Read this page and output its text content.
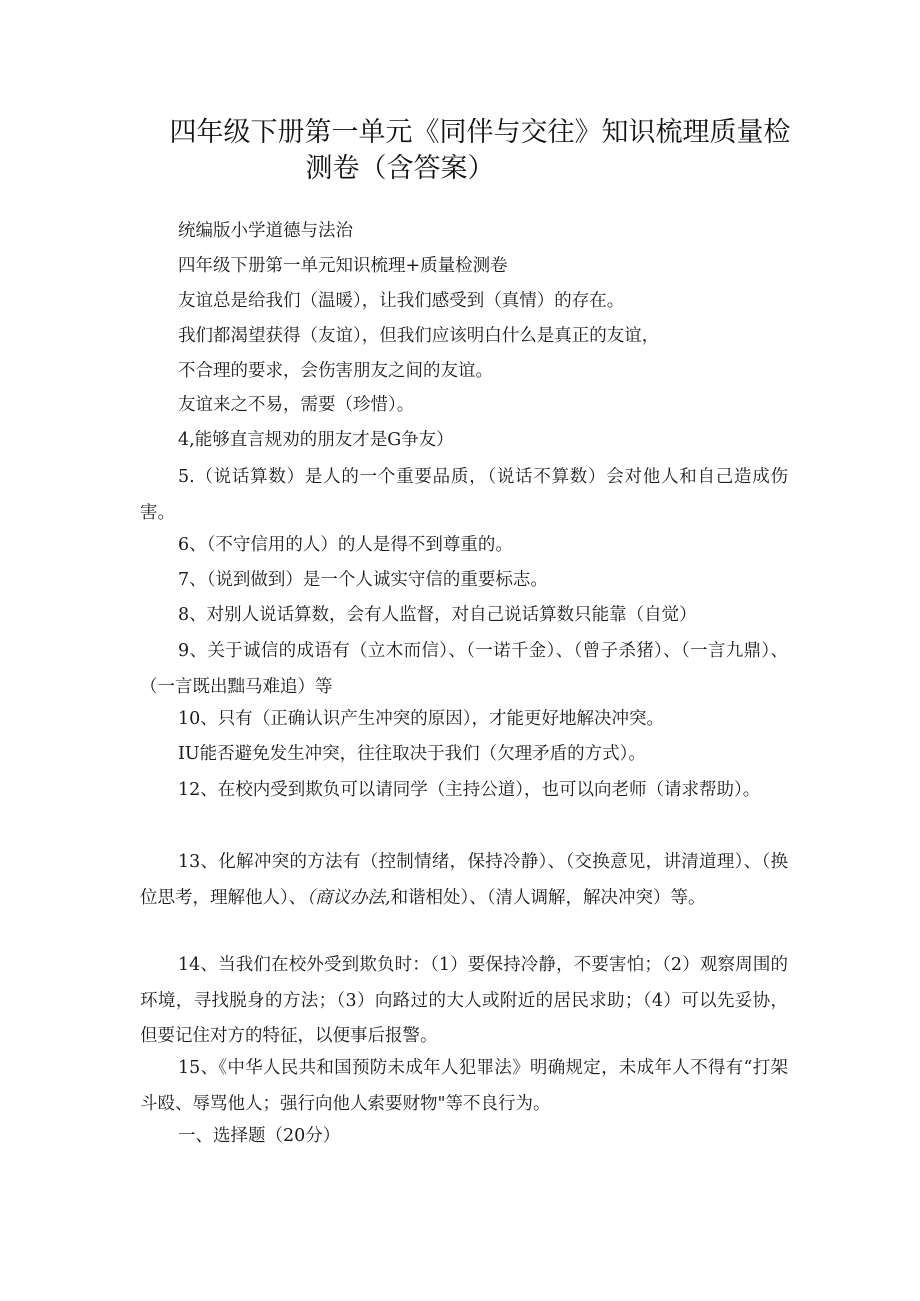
四年级下册第一单元《同伴与交往》知识梳理质量检
测卷（含答案）
统编版小学道德与法治
四年级下册第一单元知识梳理+质量检测卷
友谊总是给我们（温暖），让我们感受到（真情）的存在。
我们都渴望获得（友谊），但我们应该明白什么是真正的友谊，
不合理的要求，会伤害朋友之间的友谊。
友谊来之不易，需要（珍惜）。
4,能够直言规劝的朋友才是G争友）
5.（说话算数）是人的一个重要品质，（说话不算数）会对他人和自己造成伤害。
6、（不守信用的人）的人是得不到尊重的。
7、（说到做到）是一个人诚实守信的重要标志。
8、对别人说话算数，会有人监督，对自己说话算数只能靠（自觉）
9、关于诚信的成语有（立木而信）、（一诺千金）、（曾子杀猪）、（一言九鼎）、（一言既出黜马难追）等
10、只有（正确认识产生冲突的原因），才能更好地解决冲突。
IU能否避免发生冲突，往往取决于我们（欠理矛盾的方式）。
12、在校内受到欺负可以请同学（主持公道），也可以向老师（请求帮助）。
13、化解冲突的方法有（控制情绪，保持冷静）、（交换意见，讲清道理）、（换位思考，理解他人）、（商议办法,和谐相处）、（清人调解，解决冲突）等。
14、当我们在校外受到欺负时：（1）要保持冷静，不要害怕；（2）观察周围的环境，寻找脱身的方法；（3）向路过的大人或附近的居民求助；（4）可以先妥协，但要记住对方的特征，以便事后报警。
15、《中华人民共和国预防未成年人犯罪法》明确规定，未成年人不得有“打架斗殴、辱骂他人；强行向他人索要财物"等不良行为。
一、选择题（20分）
